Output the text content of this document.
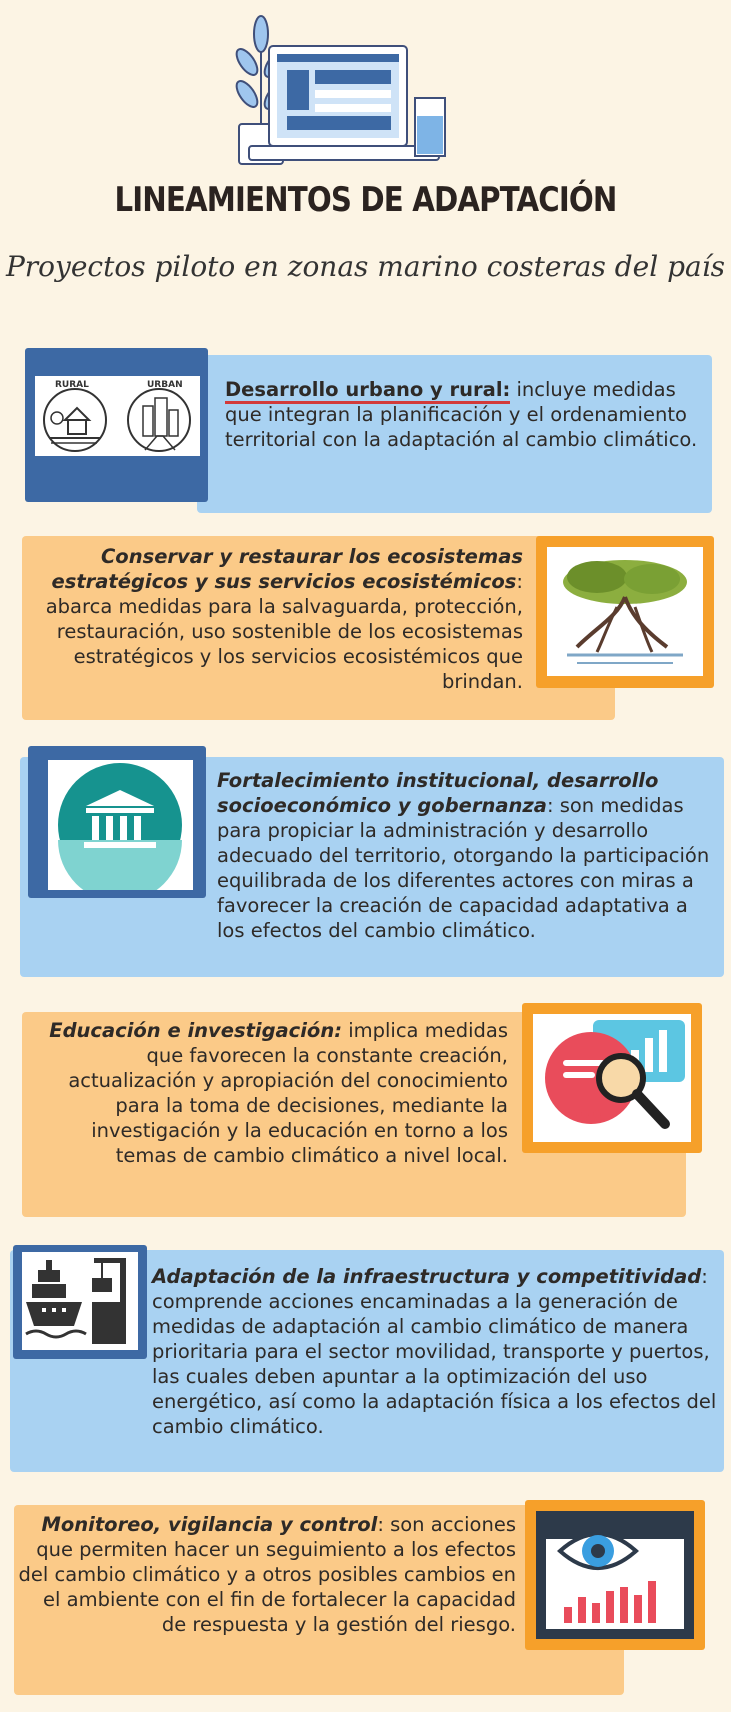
LINEAMIENTOS DE ADAPTACIÓN
Proyectos piloto en zonas marino costeras del país
RURAL	URBAN Desarrollo urbano y rural: incluye medidas que integran la planificación y el ordenamiento territorial con la adaptación al cambio climático.
Conservar y restaurar los ecosistemas estratégicos y sus servicios ecosistémicos: abarca medidas para la salvaguarda, protección, restauración, uso sostenible de los ecosistemas estratégicos y los servicios ecosistémicos que brindan.
Fortalecimiento institucional, desarrollo socioeconómico y gobernanza: son medidas para propiciar la administración y desarrollo adecuado del territorio, otorgando la participación equilibrada de los diferentes actores con miras a favorecer la creación de capacidad adaptativa a los efectos del cambio climático.
Educación e investigación: implica medidas que favorecen la constante creación, actualización y apropiación del conocimiento para la toma de decisiones, mediante la investigación y la educación en torno a los temas de cambio climático a nivel local.
Adaptación de la infraestructura y competitividad: comprende acciones encaminadas a la generación de medidas de adaptación al cambio climático de manera prioritaria para el sector movilidad, transporte y puertos, las cuales deben apuntar a la optimización del uso energético, así como la adaptación física a los efectos del cambio climático.
Monitoreo, vigilancia y control: son acciones que permiten hacer un seguimiento a los efectos del cambio climático y a otros posibles cambios en el ambiente con el fin de fortalecer la capacidad de respuesta y la gestión del riesgo.
